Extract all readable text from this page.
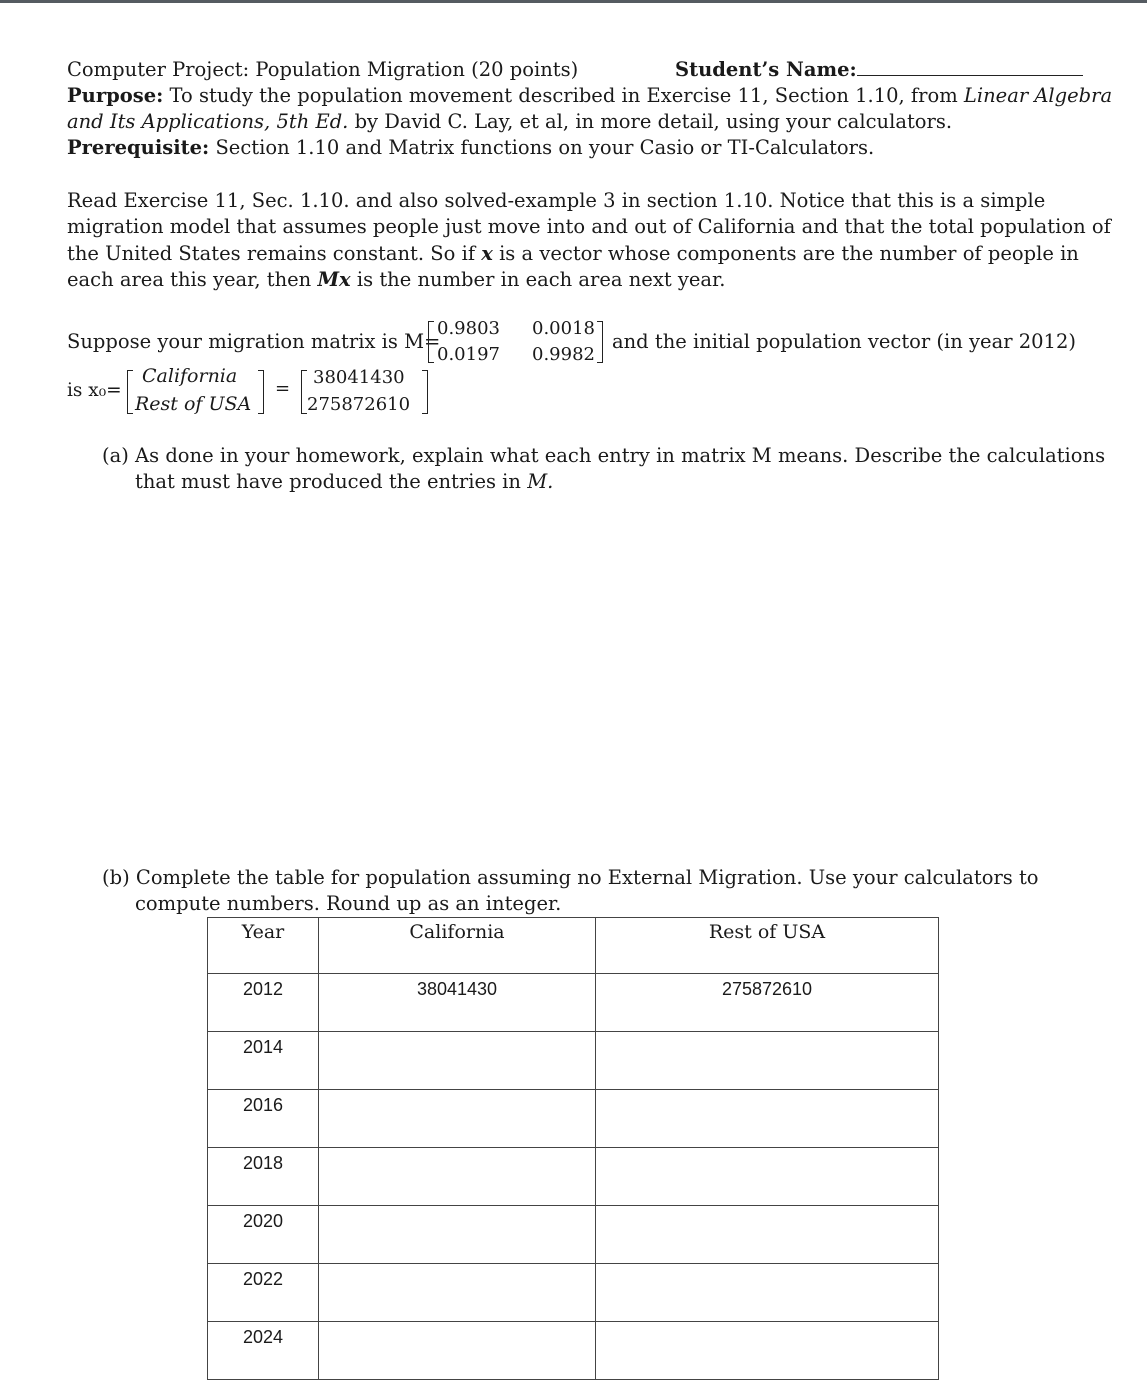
Computer Project: Population Migration (20 points)	Student’s Name:
Purpose: To study the population movement described in Exercise 11, Section 1.10, from Linear Algebra
and Its Applications, 5th Ed. by David C. Lay, et al, in more detail, using your calculators.
Prerequisite: Section 1.10 and Matrix functions on your Casio or TI-Calculators.
Read Exercise 11, Sec. 1.10. and also solved-example 3 in section 1.10. Notice that this is a simple
migration model that assumes people just move into and out of California and that the total population of
the United States remains constant. So if x is a vector whose components are the number of people in
each area this year, then Mx is the number in each area next year.
Suppose your migration matrix is M=
0.9803 0.0018
0.0197 0.9982
and the initial population vector (in year 2012)
is x₀=
California
Rest of USA
=
38041430
275872610
(a) As done in your homework, explain what each entry in matrix M means. Describe the calculations
that must have produced the entries in M.
(b) Complete the table for population assuming no External Migration. Use your calculators to
compute numbers. Round up as an integer.
Year	California	Rest of USA
2012	38041430	275872610
2014		
2016		
2018		
2020		
2022		
2024		
